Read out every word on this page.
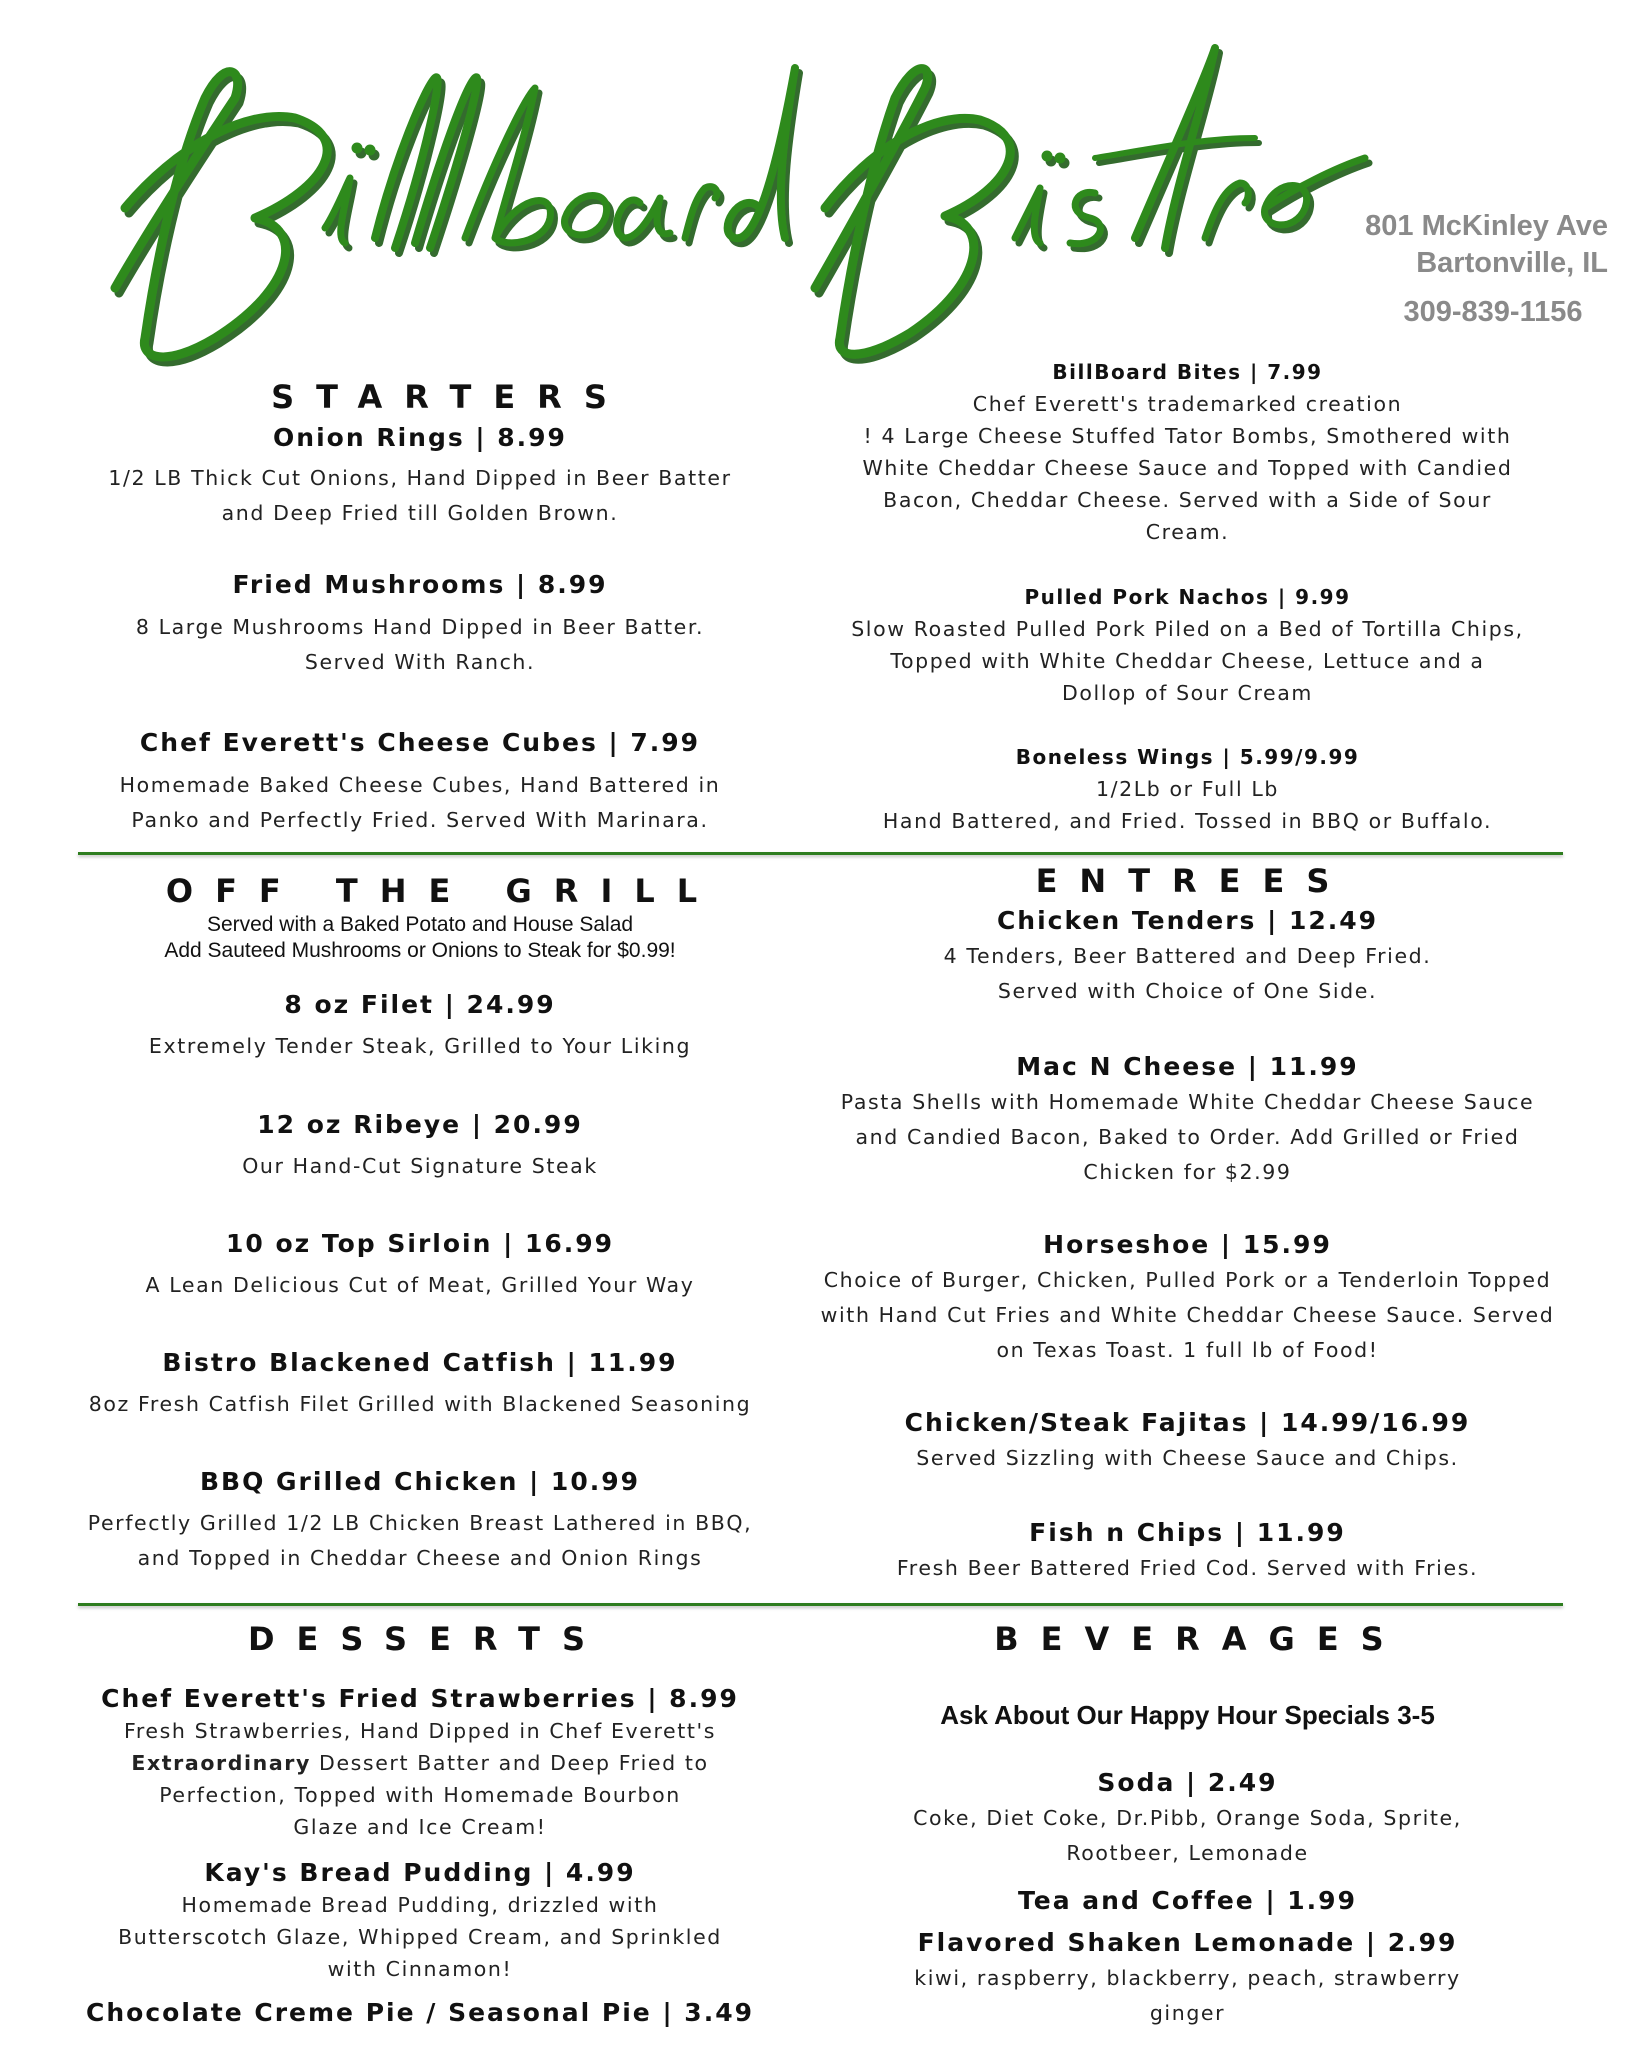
801 McKinley Ave
Bartonville, IL
309-839-1156
STARTERS

Onion Rings | 8.99

1/2 LB Thick Cut Onions, Hand Dipped in Beer Batter

and Deep Fried till Golden Brown.

Fried Mushrooms | 8.99

8 Large Mushrooms Hand Dipped in Beer Batter.

Served With Ranch.

Chef Everett's Cheese Cubes | 7.99

Homemade Baked Cheese Cubes, Hand Battered in

Panko and Perfectly Fried. Served With Marinara.

BillBoard Bites | 7.99

Chef Everett's trademarked creation

! 4 Large Cheese Stuffed Tator Bombs, Smothered with

White Cheddar Cheese Sauce and Topped with Candied

Bacon, Cheddar Cheese. Served with a Side of Sour

Cream.

Pulled Pork Nachos | 9.99

Slow Roasted Pulled Pork Piled on a Bed of Tortilla Chips,

Topped with White Cheddar Cheese, Lettuce and a

Dollop of Sour Cream

Boneless Wings | 5.99/9.99

1/2Lb or Full Lb

Hand Battered, and Fried. Tossed in BBQ or Buffalo.

OFF THE GRILL

Served with a Baked Potato and House Salad

Add Sauteed Mushrooms or Onions to Steak for $0.99!

8 oz Filet | 24.99

Extremely Tender Steak, Grilled to Your Liking

12 oz Ribeye | 20.99

Our Hand-Cut Signature Steak

10 oz Top Sirloin | 16.99

A Lean Delicious Cut of Meat, Grilled Your Way

Bistro Blackened Catfish | 11.99

8oz Fresh Catfish Filet Grilled with Blackened Seasoning

BBQ Grilled Chicken | 10.99

Perfectly Grilled 1/2 LB Chicken Breast Lathered in BBQ,

and Topped in Cheddar Cheese and Onion Rings

ENTREES

Chicken Tenders | 12.49

4 Tenders, Beer Battered and Deep Fried.

Served with Choice of One Side.

Mac N Cheese | 11.99

Pasta Shells with Homemade White Cheddar Cheese Sauce

and Candied Bacon, Baked to Order. Add Grilled or Fried

Chicken for $2.99

Horseshoe | 15.99

Choice of Burger, Chicken, Pulled Pork or a Tenderloin Topped

with Hand Cut Fries and White Cheddar Cheese Sauce. Served

on Texas Toast. 1 full lb of Food!

Chicken/Steak Fajitas | 14.99/16.99

Served Sizzling with Cheese Sauce and Chips.

Fish n Chips | 11.99

Fresh Beer Battered Fried Cod. Served with Fries.

DESSERTS

Chef Everett's Fried Strawberries | 8.99

Fresh Strawberries, Hand Dipped in Chef Everett's

Extraordinary Dessert Batter and Deep Fried to

Perfection, Topped with Homemade Bourbon

Glaze and Ice Cream!

Kay's Bread Pudding | 4.99

Homemade Bread Pudding, drizzled with

Butterscotch Glaze, Whipped Cream, and Sprinkled

with Cinnamon!

Chocolate Creme Pie / Seasonal Pie | 3.49

BEVERAGES

Ask About Our Happy Hour Specials 3-5

Soda | 2.49

Coke, Diet Coke, Dr.Pibb, Orange Soda, Sprite,

Rootbeer, Lemonade

Tea and Coffee | 1.99

Flavored Shaken Lemonade | 2.99

kiwi, raspberry, blackberry, peach, strawberry

ginger
